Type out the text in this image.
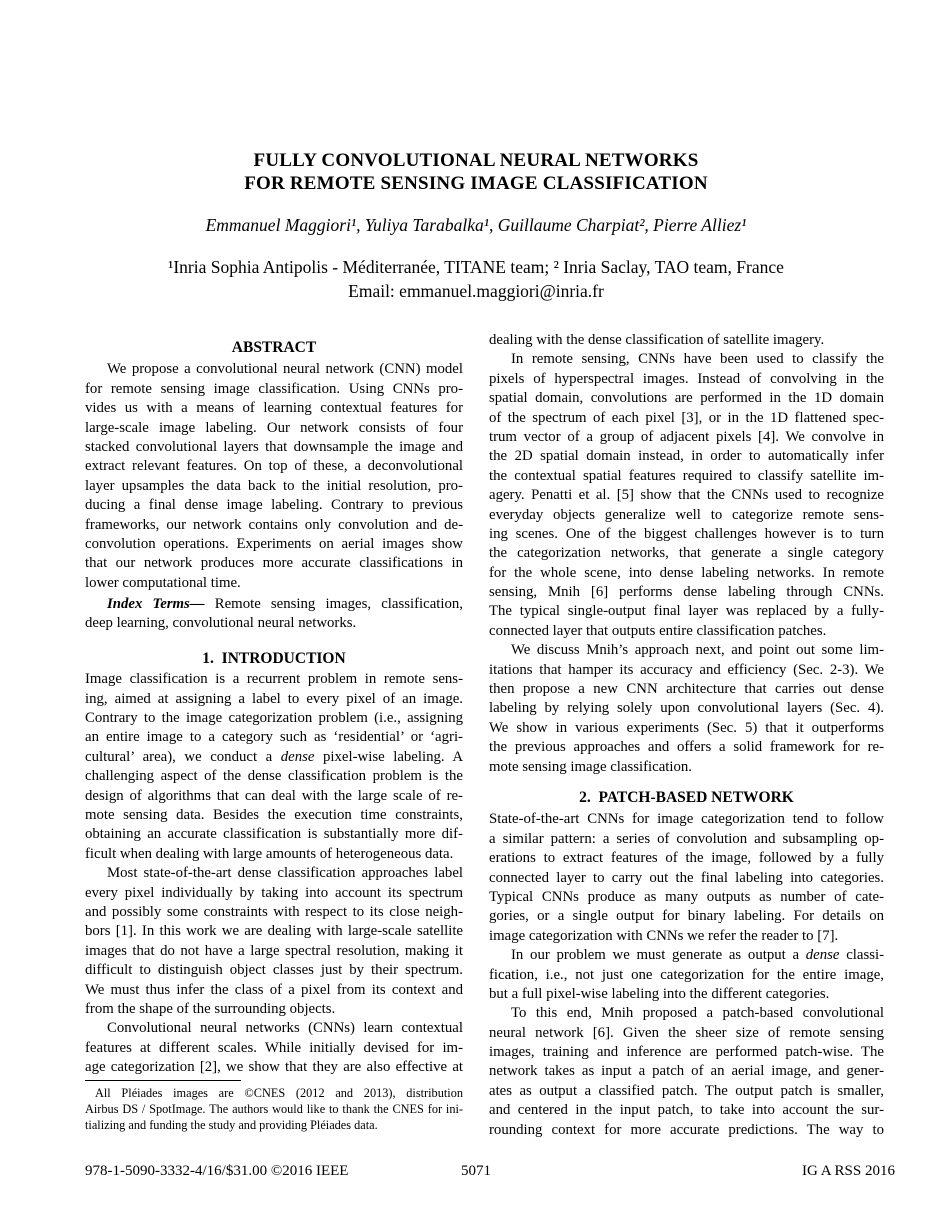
FULLY CONVOLUTIONAL NEURAL NETWORKS
FOR REMOTE SENSING IMAGE CLASSIFICATION
Emmanuel Maggiori¹, Yuliya Tarabalka¹, Guillaume Charpiat², Pierre Alliez¹
¹Inria Sophia Antipolis - Méditerranée, TITANE team; ² Inria Saclay, TAO team, France
Email: emmanuel.maggiori@inria.fr
ABSTRACT
We propose a convolutional neural network (CNN) model
for remote sensing image classification. Using CNNs pro-
vides us with a means of learning contextual features for
large-scale image labeling. Our network consists of four
stacked convolutional layers that downsample the image and
extract relevant features. On top of these, a deconvolutional
layer upsamples the data back to the initial resolution, pro-
ducing a final dense image labeling. Contrary to previous
frameworks, our network contains only convolution and de-
convolution operations. Experiments on aerial images show
that our network produces more accurate classifications in
lower computational time.
Index Terms— Remote sensing images, classification,
deep learning, convolutional neural networks.
1.  INTRODUCTION
Image classification is a recurrent problem in remote sens-
ing, aimed at assigning a label to every pixel of an image.
Contrary to the image categorization problem (i.e., assigning
an entire image to a category such as ‘residential’ or ‘agri-
cultural’ area), we conduct a dense pixel-wise labeling. A
challenging aspect of the dense classification problem is the
design of algorithms that can deal with the large scale of re-
mote sensing data. Besides the execution time constraints,
obtaining an accurate classification is substantially more dif-
ficult when dealing with large amounts of heterogeneous data.
Most state-of-the-art dense classification approaches label
every pixel individually by taking into account its spectrum
and possibly some constraints with respect to its close neigh-
bors [1]. In this work we are dealing with large-scale satellite
images that do not have a large spectral resolution, making it
difficult to distinguish object classes just by their spectrum.
We must thus infer the class of a pixel from its context and
from the shape of the surrounding objects.
Convolutional neural networks (CNNs) learn contextual
features at different scales. While initially devised for im-
age categorization [2], we show that they are also effective at
All Pléiades images are ©CNES (2012 and 2013), distribution
Airbus DS / SpotImage. The authors would like to thank the CNES for ini-
tializing and funding the study and providing Pléiades data.
dealing with the dense classification of satellite imagery.
In remote sensing, CNNs have been used to classify the
pixels of hyperspectral images. Instead of convolving in the
spatial domain, convolutions are performed in the 1D domain
of the spectrum of each pixel [3], or in the 1D flattened spec-
trum vector of a group of adjacent pixels [4]. We convolve in
the 2D spatial domain instead, in order to automatically infer
the contextual spatial features required to classify satellite im-
agery. Penatti et al. [5] show that the CNNs used to recognize
everyday objects generalize well to categorize remote sens-
ing scenes. One of the biggest challenges however is to turn
the categorization networks, that generate a single category
for the whole scene, into dense labeling networks. In remote
sensing, Mnih [6] performs dense labeling through CNNs.
The typical single-output final layer was replaced by a fully-
connected layer that outputs entire classification patches.
We discuss Mnih’s approach next, and point out some lim-
itations that hamper its accuracy and efficiency (Sec. 2-3). We
then propose a new CNN architecture that carries out dense
labeling by relying solely upon convolutional layers (Sec. 4).
We show in various experiments (Sec. 5) that it outperforms
the previous approaches and offers a solid framework for re-
mote sensing image classification.
2.  PATCH-BASED NETWORK
State-of-the-art CNNs for image categorization tend to follow
a similar pattern: a series of convolution and subsampling op-
erations to extract features of the image, followed by a fully
connected layer to carry out the final labeling into categories.
Typical CNNs produce as many outputs as number of cate-
gories, or a single output for binary labeling. For details on
image categorization with CNNs we refer the reader to [7].
In our problem we must generate as output a dense classi-
fication, i.e., not just one categorization for the entire image,
but a full pixel-wise labeling into the different categories.
To this end, Mnih proposed a patch-based convolutional
neural network [6]. Given the sheer size of remote sensing
images, training and inference are performed patch-wise. The
network takes as input a patch of an aerial image, and gener-
ates as output a classified patch. The output patch is smaller,
and centered in the input patch, to take into account the sur-
rounding context for more accurate predictions. The way to
5071
978-1-5090-3332-4/16/$31.00 ©2016 IEEE	IG A RSS 2016
